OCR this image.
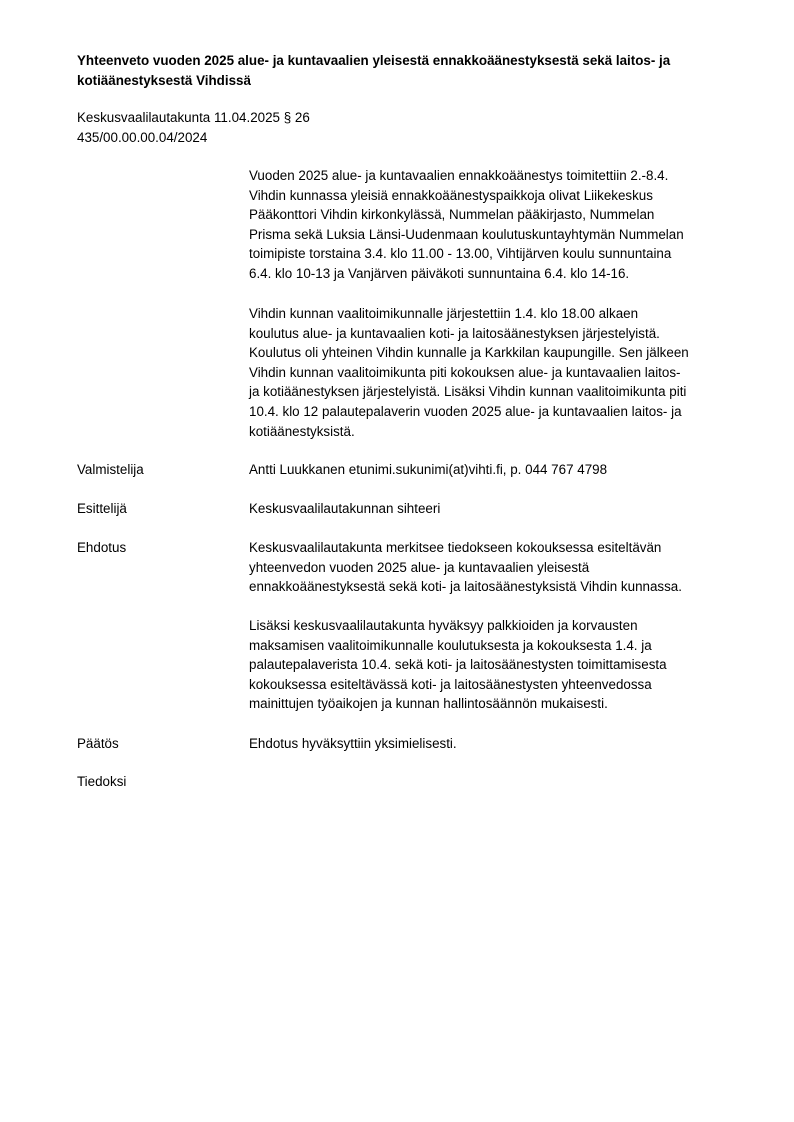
Yhteenveto vuoden 2025 alue- ja kuntavaalien yleisestä ennakkoäänestyksestä sekä laitos- ja
kotiäänestyksestä Vihdissä
Keskusvaalilautakunta 11.04.2025 § 26
435/00.00.00.04/2024
Vuoden 2025 alue- ja kuntavaalien ennakkoäänestys toimitettiin 2.-8.4.
Vihdin kunnassa yleisiä ennakkoäänestyspaikkoja olivat Liikekeskus
Pääkonttori Vihdin kirkonkylässä, Nummelan pääkirjasto, Nummelan
Prisma sekä Luksia Länsi-Uudenmaan koulutuskuntayhtymän Nummelan
toimipiste torstaina 3.4. klo 11.00 - 13.00, Vihtijärven koulu sunnuntaina
6.4. klo 10-13 ja Vanjärven päiväkoti sunnuntaina 6.4. klo 14-16.
Vihdin kunnan vaalitoimikunnalle järjestettiin 1.4. klo 18.00 alkaen
koulutus alue- ja kuntavaalien koti- ja laitosäänestyksen järjestelyistä.
Koulutus oli yhteinen Vihdin kunnalle ja Karkkilan kaupungille. Sen jälkeen
Vihdin kunnan vaalitoimikunta piti kokouksen alue- ja kuntavaalien laitos-
ja kotiäänestyksen järjestelyistä. Lisäksi Vihdin kunnan vaalitoimikunta piti
10.4. klo 12 palautepalaverin vuoden 2025 alue- ja kuntavaalien laitos- ja
kotiäänestyksistä.
Valmistelija	Antti Luukkanen etunimi.sukunimi(at)vihti.fi, p. 044 767 4798
Esittelijä	Keskusvaalilautakunnan sihteeri
Ehdotus	Keskusvaalilautakunta merkitsee tiedokseen kokouksessa esiteltävän
yhteenvedon vuoden 2025 alue- ja kuntavaalien yleisestä
ennakkoäänestyksestä sekä koti- ja laitosäänestyksistä Vihdin kunnassa.
Lisäksi keskusvaalilautakunta hyväksyy palkkioiden ja korvausten
maksamisen vaalitoimikunnalle koulutuksesta ja kokouksesta 1.4. ja
palautepalaverista 10.4. sekä koti- ja laitosäänestysten toimittamisesta
kokouksessa esiteltävässä koti- ja laitosäänestysten yhteenvedossa
mainittujen työaikojen ja kunnan hallintosäännön mukaisesti.
Päätös	Ehdotus hyväksyttiin yksimielisesti.
Tiedoksi
